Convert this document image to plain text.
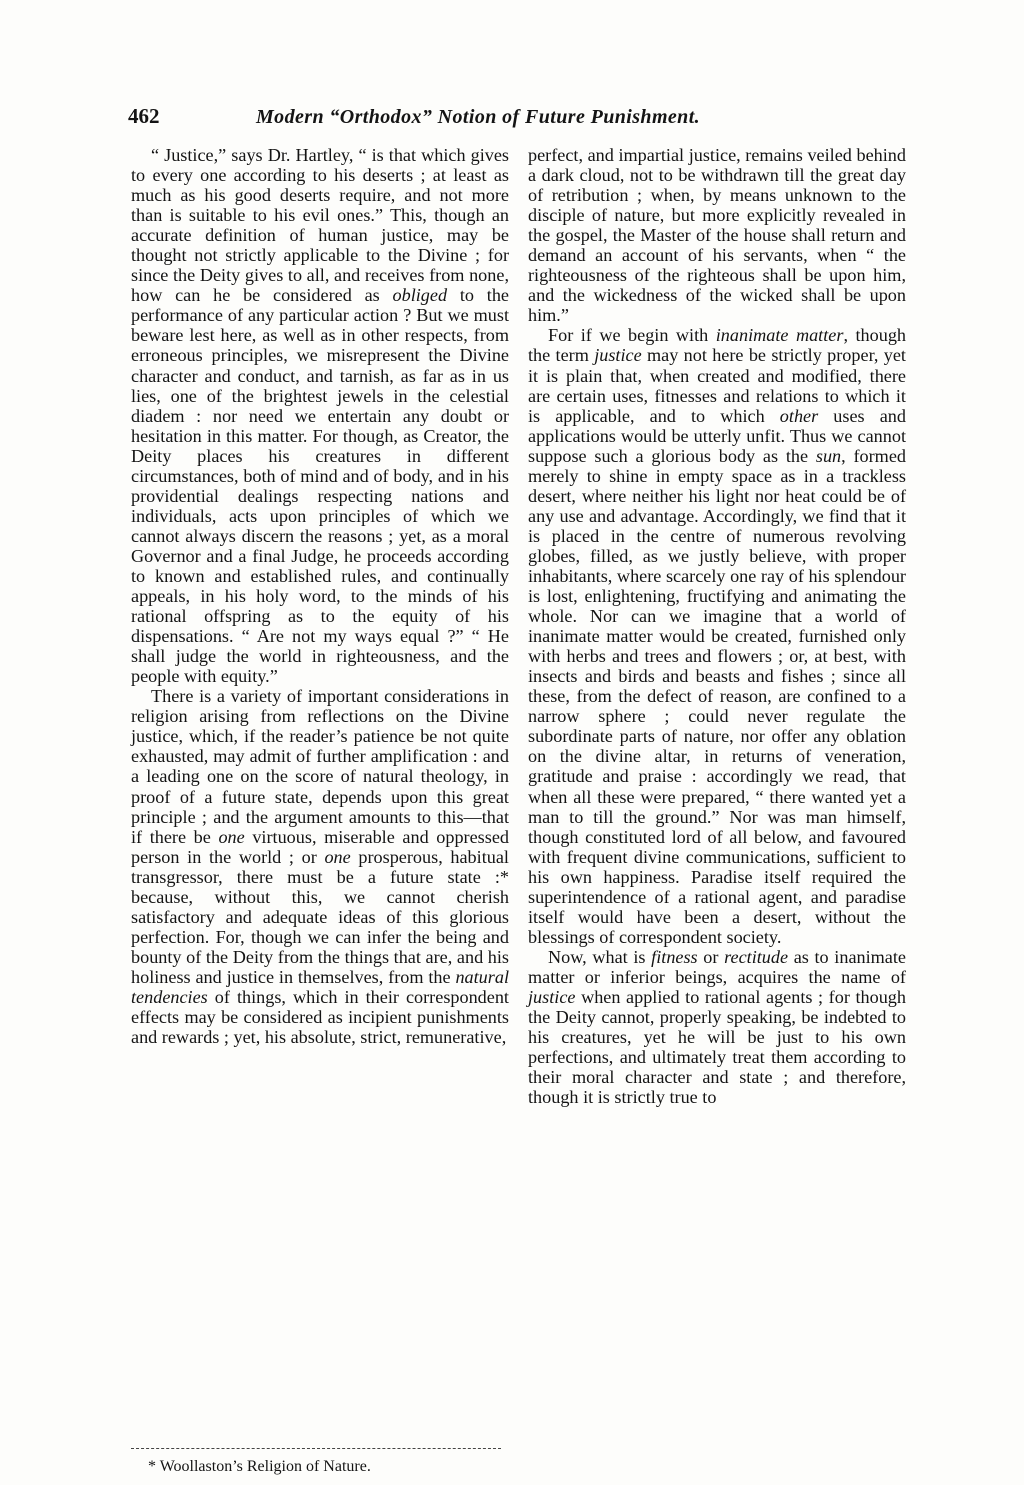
462	Modern “Orthodox” Notion of Future Punishment.

“ Justice,” says Dr. Hartley, “ is that which gives to every one according to his deserts ; at least as much as his good deserts require, and not more than is suitable to his evil ones.” This, though an accurate definition of human justice, may be thought not strictly applicable to the Divine ; for since the Deity gives to all, and receives from none, how can he be considered as obliged to the performance of any particular action ? But we must beware lest here, as well as in other respects, from erroneous principles, we misrepresent the Divine character and conduct, and tarnish, as far as in us lies, one of the brightest jewels in the celestial diadem : nor need we entertain any doubt or hesitation in this matter. For though, as Creator, the Deity places his creatures in different circumstances, both of mind and of body, and in his providential dealings respecting nations and individuals, acts upon principles of which we cannot always discern the reasons ; yet, as a moral Governor and a final Judge, he proceeds according to known and established rules, and continually appeals, in his holy word, to the minds of his rational offspring as to the equity of his dispensations. “ Are not my ways equal ?” “ He shall judge the world in righteousness, and the people with equity.”

There is a variety of important considerations in religion arising from reflections on the Divine justice, which, if the reader’s patience be not quite exhausted, may admit of further amplification : and a leading one on the score of natural theology, in proof of a future state, depends upon this great principle ; and the argument amounts to this—that if there be one virtuous, miserable and oppressed person in the world ; or one prosperous, habitual transgressor, there must be a future state :* because, without this, we cannot cherish satisfactory and adequate ideas of this glorious perfection. For, though we can infer the being and bounty of the Deity from the things that are, and his holiness and justice in themselves, from the natural tendencies of things, which in their correspondent effects may be considered as incipient punishments and rewards ; yet, his absolute, strict, remunerative,

perfect, and impartial justice, remains veiled behind a dark cloud, not to be withdrawn till the great day of retribution ; when, by means unknown to the disciple of nature, but more explicitly revealed in the gospel, the Master of the house shall return and demand an account of his servants, when “ the righteousness of the righteous shall be upon him, and the wickedness of the wicked shall be upon him.”

For if we begin with inanimate matter, though the term justice may not here be strictly proper, yet it is plain that, when created and modified, there are certain uses, fitnesses and relations to which it is applicable, and to which other uses and applications would be utterly unfit. Thus we cannot suppose such a glorious body as the sun, formed merely to shine in empty space as in a trackless desert, where neither his light nor heat could be of any use and advantage. Accordingly, we find that it is placed in the centre of numerous revolving globes, filled, as we justly believe, with proper inhabitants, where scarcely one ray of his splendour is lost, enlightening, fructifying and animating the whole. Nor can we imagine that a world of inanimate matter would be created, furnished only with herbs and trees and flowers ; or, at best, with insects and birds and beasts and fishes ; since all these, from the defect of reason, are confined to a narrow sphere ; could never regulate the subordinate parts of nature, nor offer any oblation on the divine altar, in returns of veneration, gratitude and praise : accordingly we read, that when all these were prepared, “ there wanted yet a man to till the ground.” Nor was man himself, though constituted lord of all below, and favoured with frequent divine communications, sufficient to his own happiness. Paradise itself required the superintendence of a rational agent, and paradise itself would have been a desert, without the blessings of correspondent society.

Now, what is fitness or rectitude as to inanimate matter or inferior beings, acquires the name of justice when applied to rational agents ; for though the Deity cannot, properly speaking, be indebted to his creatures, yet he will be just to his own perfections, and ultimately treat them according to their moral character and state ; and therefore, though it is strictly true to

* Woollaston’s Religion of Nature.
